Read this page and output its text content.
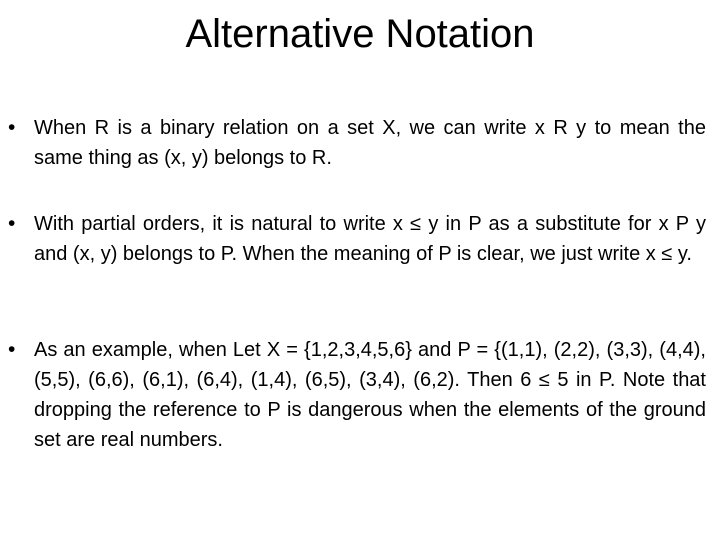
Alternative Notation
• When R is a binary relation on a set X, we can write x R y to mean the same thing as (x, y) belongs to R.
• With partial orders, it is natural to write x ≤ y in P as a substitute for x P y and (x, y) belongs to P. When the meaning of P is clear, we just write x ≤ y.
• As an example, when Let X = {1,2,3,4,5,6} and P = {(1,1), (2,2), (3,3), (4,4), (5,5), (6,6), (6,1), (6,4), (1,4), (6,5), (3,4), (6,2). Then 6 ≤ 5 in P. Note that dropping the reference to P is dangerous when the elements of the ground set are real numbers.
